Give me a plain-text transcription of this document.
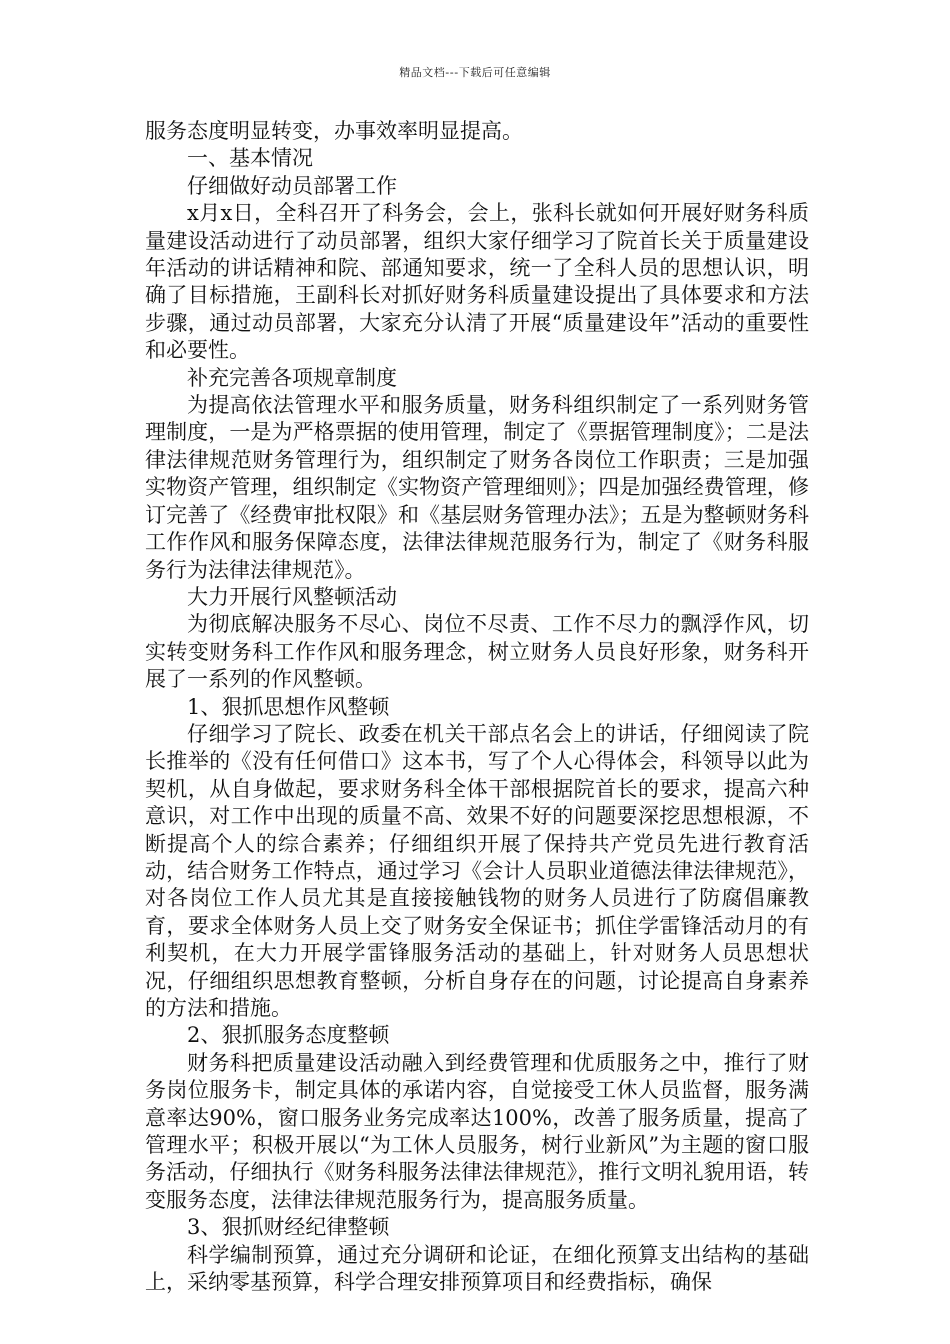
精品文档---下载后可任意编辑

服务态度明显转变，办事效率明显提高。

一、基本情况

仔细做好动员部署工作

x月x日，全科召开了科务会，会上，张科长就如何开展好财务科质量建设活动进行了动员部署，组织大家仔细学习了院首长关于质量建设年活动的讲话精神和院、部通知要求，统一了全科人员的思想认识，明确了目标措施，王副科长对抓好财务科质量建设提出了具体要求和方法步骤，通过动员部署，大家充分认清了开展“质量建设年”活动的重要性和必要性。

补充完善各项规章制度

为提高依法管理水平和服务质量，财务科组织制定了一系列财务管理制度，一是为严格票据的使用管理，制定了《票据管理制度》；二是法律法律规范财务管理行为，组织制定了财务各岗位工作职责；三是加强实物资产管理，组织制定《实物资产管理细则》；四是加强经费管理，修订完善了《经费审批权限》和《基层财务管理办法》；五是为整顿财务科工作作风和服务保障态度，法律法律规范服务行为，制定了《财务科服务行为法律法律规范》。

大力开展行风整顿活动

为彻底解决服务不尽心、岗位不尽责、工作不尽力的飘浮作风，切实转变财务科工作作风和服务理念，树立财务人员良好形象，财务科开展了一系列的作风整顿。

1、狠抓思想作风整顿

仔细学习了院长、政委在机关干部点名会上的讲话，仔细阅读了院长推举的《没有任何借口》这本书，写了个人心得体会，科领导以此为契机，从自身做起，要求财务科全体干部根据院首长的要求，提高六种意识，对工作中出现的质量不高、效果不好的问题要深挖思想根源，不断提高个人的综合素养；仔细组织开展了保持共产党员先进行教育活动，结合财务工作特点，通过学习《会计人员职业道德法律法律规范》，对各岗位工作人员尤其是直接接触钱物的财务人员进行了防腐倡廉教育，要求全体财务人员上交了财务安全保证书；抓住学雷锋活动月的有利契机，在大力开展学雷锋服务活动的基础上，针对财务人员思想状况，仔细组织思想教育整顿，分析自身存在的问题，讨论提高自身素养的方法和措施。

2、狠抓服务态度整顿

财务科把质量建设活动融入到经费管理和优质服务之中，推行了财务岗位服务卡，制定具体的承诺内容，自觉接受工休人员监督，服务满意率达90%，窗口服务业务完成率达100%，改善了服务质量，提高了管理水平；积极开展以“为工休人员服务，树行业新风”为主题的窗口服务活动，仔细执行《财务科服务法律法律规范》，推行文明礼貌用语，转变服务态度，法律法律规范服务行为，提高服务质量。

3、狠抓财经纪律整顿

科学编制预算，通过充分调研和论证，在细化预算支出结构的基础上，采纳零基预算，科学合理安排预算项目和经费指标，确保
